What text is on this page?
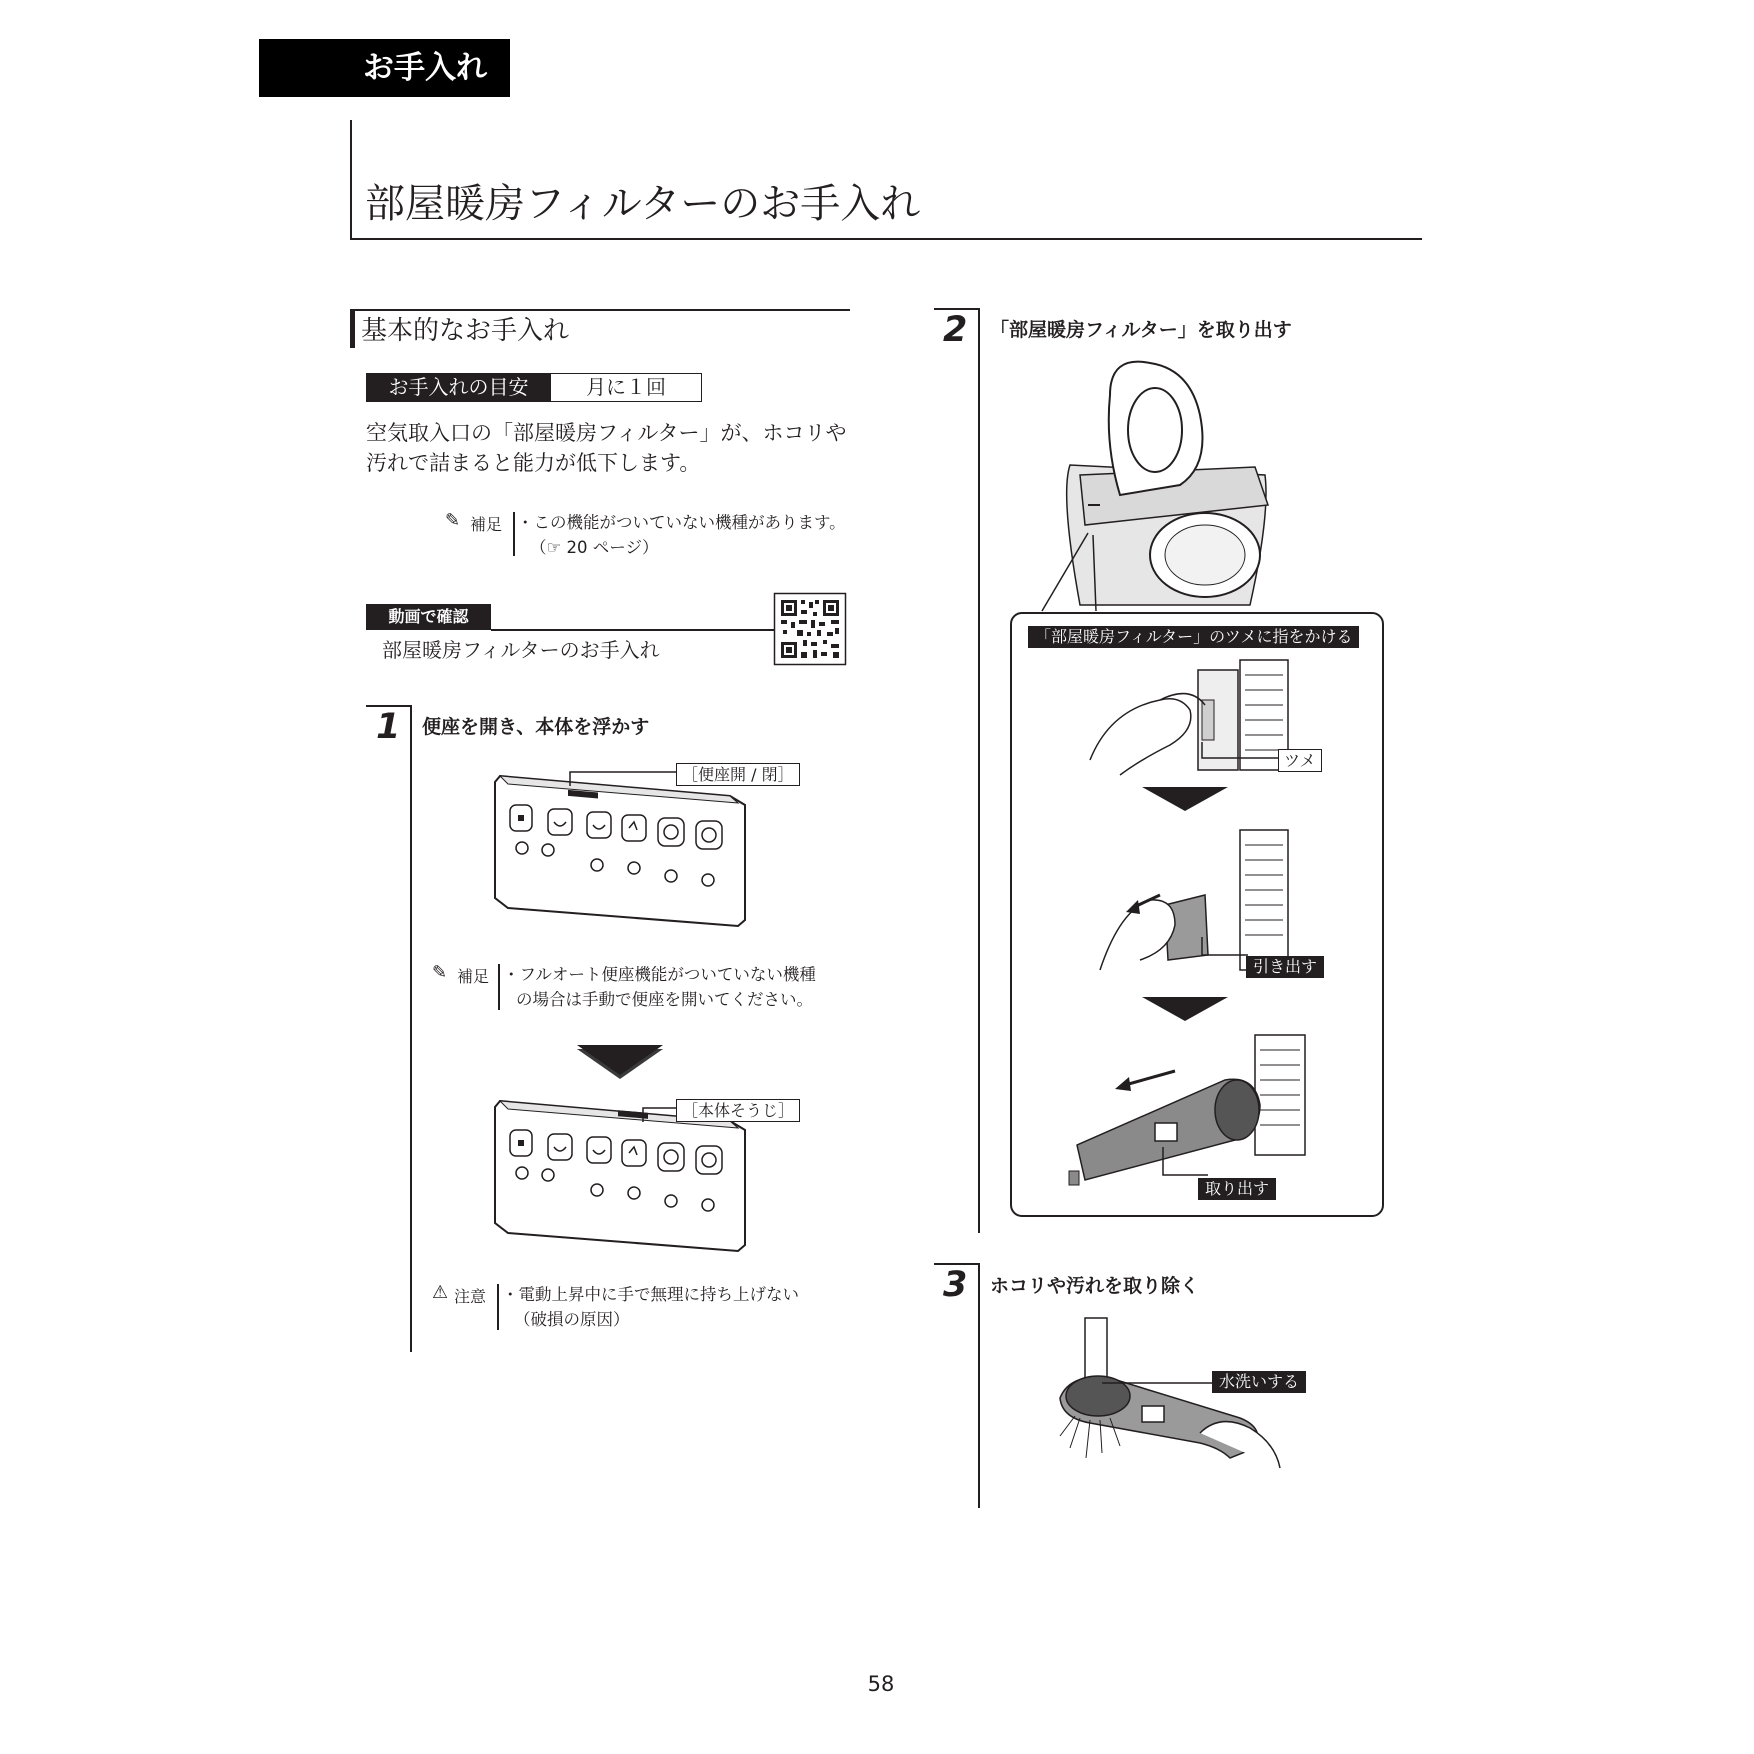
お手入れ
部屋暖房フィルターのお手入れ
基本的なお手入れ
お手入れの目安	月に１回
空気取入口の「部屋暖房フィルター」が、ホコリや汚れで詰まると能力が低下します。
✎ 補足 ・この機能がついていない機種があります。
（☞ 20 ページ）
動画で確認
部屋暖房フィルターのお手入れ
1 便座を開き、本体を浮かす
［便座開 / 閉］
✎ 補足 ・フルオート便座機能がついていない機種
の場合は手動で便座を開いてください。
［本体そうじ］
⚠ 注意 ・電動上昇中に手で無理に持ち上げない
（破損の原因）
2 「部屋暖房フィルター」を取り出す
「部屋暖房フィルター」のツメに指をかける
ツメ
引き出す
取り出す
3 ホコリや汚れを取り除く
水洗いする
58
